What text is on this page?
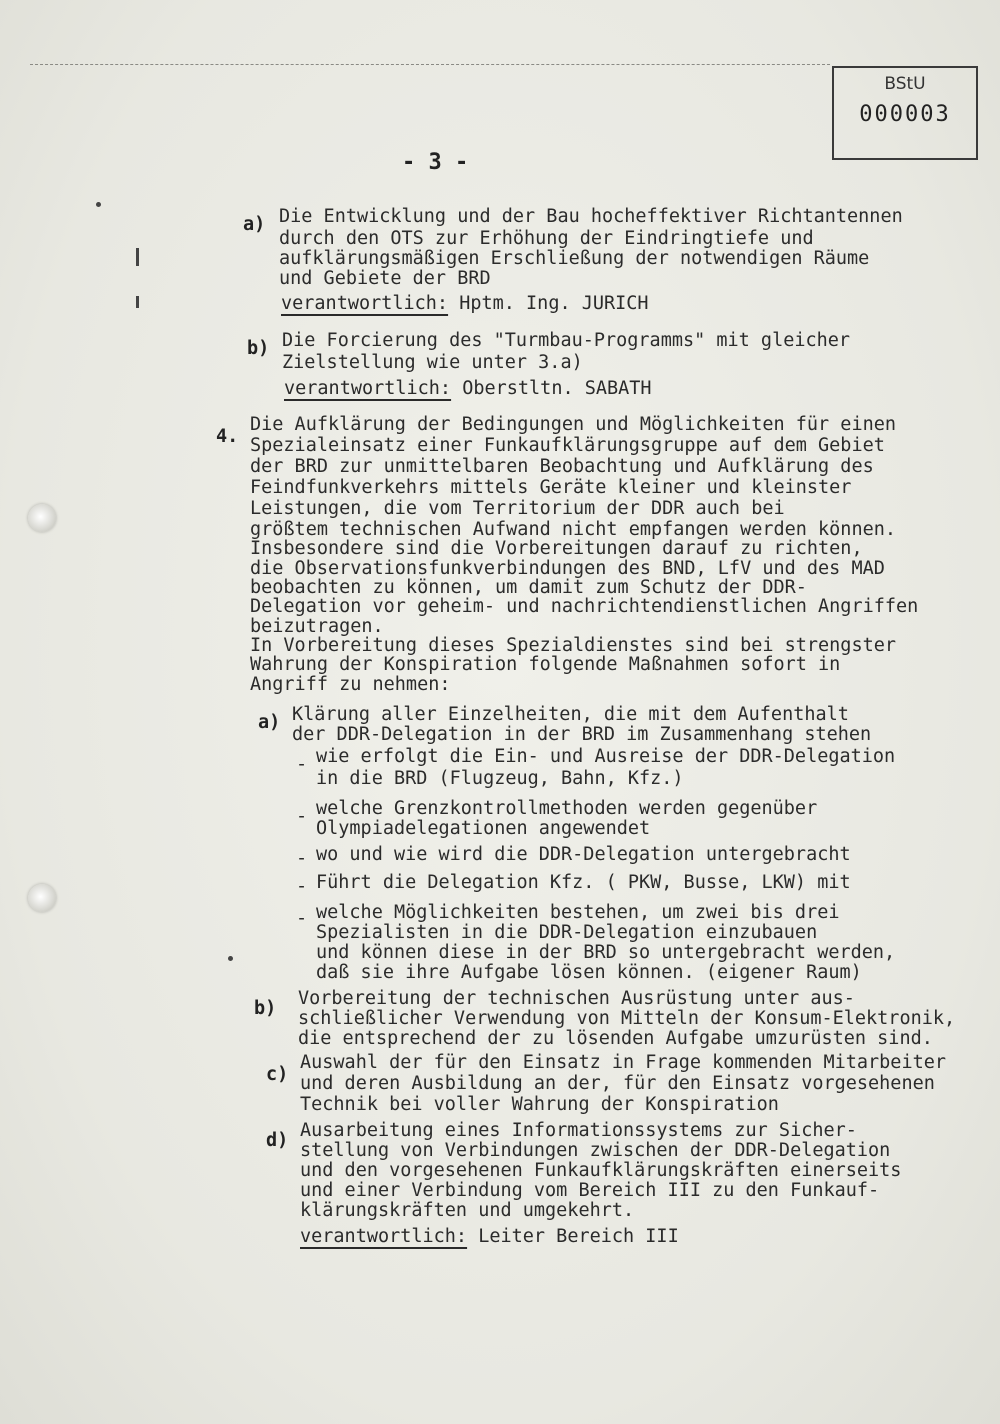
BStU
000003
- 3 -
a) Die Entwicklung und der Bau hocheffektiver Richtantennen
durch den OTS zur Erhöhung der Eindringtiefe und
aufklärungsmäßigen Erschließung der notwendigen Räume
und Gebiete der BRD
verantwortlich: Hptm. Ing. JURICH
b) Die Forcierung des "Turmbau-Programms" mit gleicher
Zielstellung wie unter 3.a)
verantwortlich: Oberstltn. SABATH
4.
Die Aufklärung der Bedingungen und Möglichkeiten für einen
Spezialeinsatz einer Funkaufklärungsgruppe auf dem Gebiet
der BRD zur unmittelbaren Beobachtung und Aufklärung des
Feindfunkverkehrs mittels Geräte kleiner und kleinster
Leistungen, die vom Territorium der DDR auch bei
größtem technischen Aufwand nicht empfangen werden können.
Insbesondere sind die Vorbereitungen darauf zu richten,
die Observationsfunkverbindungen des BND, LfV und des MAD
beobachten zu können, um damit zum Schutz der DDR-
Delegation vor geheim- und nachrichtendienstlichen Angriffen
beizutragen.
In Vorbereitung dieses Spezialdienstes sind bei strengster
Wahrung der Konspiration folgende Maßnahmen sofort in
Angriff zu nehmen:
a) Klärung aller Einzelheiten, die mit dem Aufenthalt
der DDR-Delegation in der BRD im Zusammenhang stehen
- wie erfolgt die Ein- und Ausreise der DDR-Delegation
in die BRD (Flugzeug, Bahn, Kfz.)
- welche Grenzkontrollmethoden werden gegenüber
Olympiadelegationen angewendet
- wo und wie wird die DDR-Delegation untergebracht
- Führt die Delegation Kfz. ( PKW, Busse, LKW) mit
- welche Möglichkeiten bestehen, um zwei bis drei
Spezialisten in die DDR-Delegation einzubauen
und können diese in der BRD so untergebracht werden,
daß sie ihre Aufgabe lösen können. (eigener Raum)
b) Vorbereitung der technischen Ausrüstung unter aus-
schließlicher Verwendung von Mitteln der Konsum-Elektronik,
die entsprechend der zu lösenden Aufgabe umzurüsten sind.
c)
Auswahl der für den Einsatz in Frage kommenden Mitarbeiter
und deren Ausbildung an der, für den Einsatz vorgesehenen
Technik bei voller Wahrung der Konspiration
d) Ausarbeitung eines Informationssystems zur Sicher-
stellung von Verbindungen zwischen der DDR-Delegation
und den vorgesehenen Funkaufklärungskräften einerseits
und einer Verbindung vom Bereich III zu den Funkauf-
klärungskräften und umgekehrt.
verantwortlich: Leiter Bereich III
